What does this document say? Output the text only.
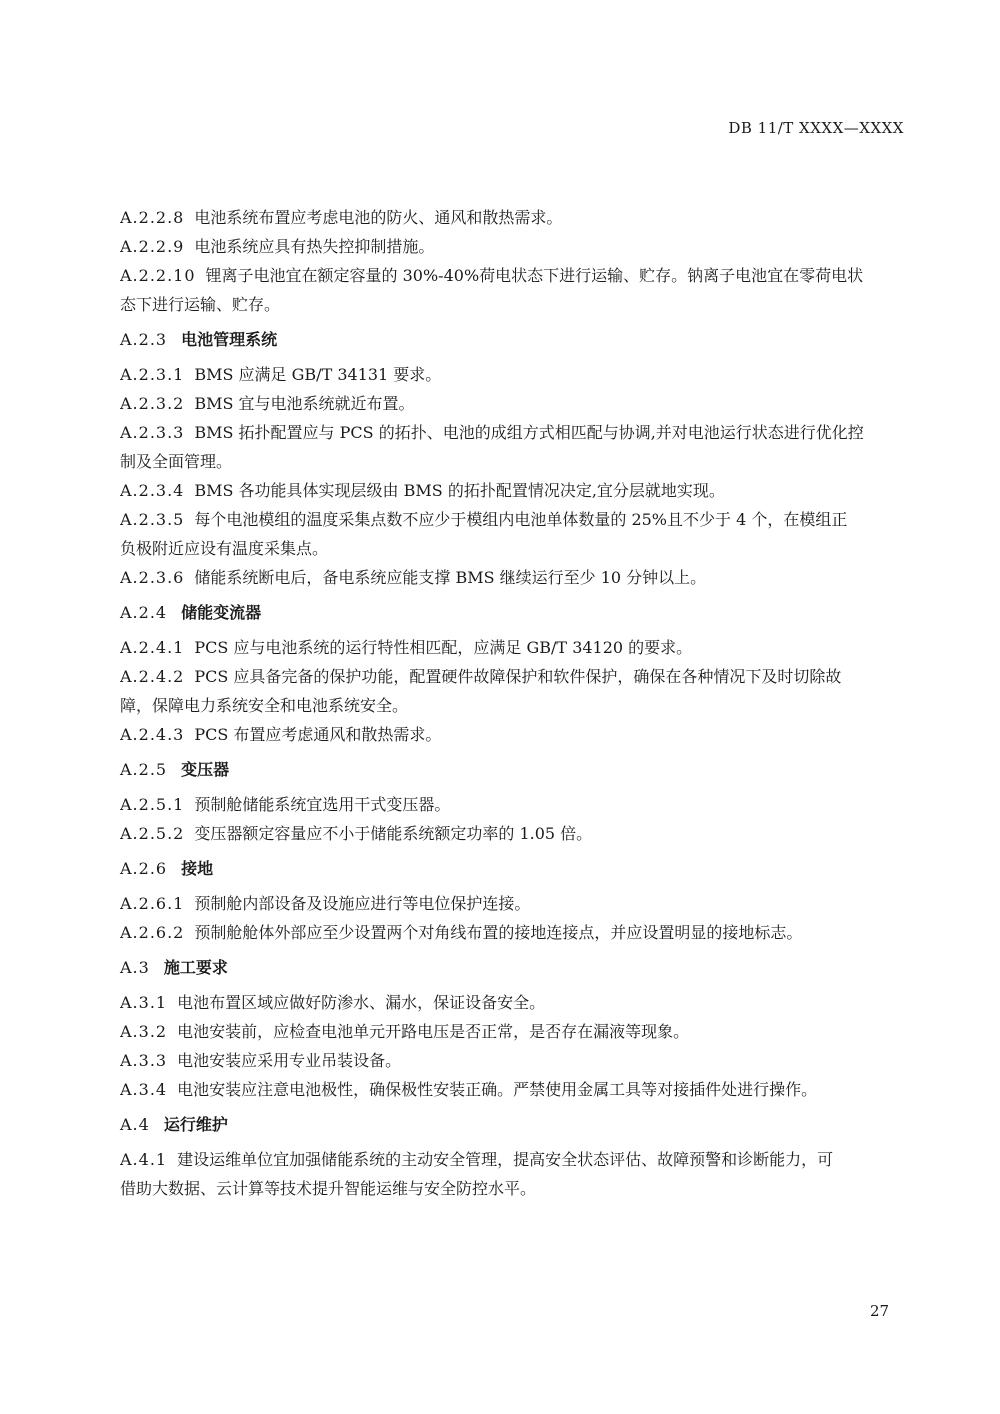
DB 11/T XXXX—XXXX
A.2.2.8 电池系统布置应考虑电池的防火、通风和散热需求。
A.2.2.9 电池系统应具有热失控抑制措施。
A.2.2.10 锂离子电池宜在额定容量的 30%-40%荷电状态下进行运输、贮存。钠离子电池宜在零荷电状
态下进行运输、贮存。
A.2.3 电池管理系统
A.2.3.1 BMS 应满足 GB/T 34131 要求。
A.2.3.2 BMS 宜与电池系统就近布置。
A.2.3.3 BMS 拓扑配置应与 PCS 的拓扑、电池的成组方式相匹配与协调,并对电池运行状态进行优化控
制及全面管理。
A.2.3.4 BMS 各功能具体实现层级由 BMS 的拓扑配置情况决定,宜分层就地实现。
A.2.3.5 每个电池模组的温度采集点数不应少于模组内电池单体数量的 25%且不少于 4 个，在模组正
负极附近应设有温度采集点。
A.2.3.6 储能系统断电后，备电系统应能支撑 BMS 继续运行至少 10 分钟以上。
A.2.4 储能变流器
A.2.4.1 PCS 应与电池系统的运行特性相匹配，应满足 GB/T 34120 的要求。
A.2.4.2 PCS 应具备完备的保护功能，配置硬件故障保护和软件保护，确保在各种情况下及时切除故
障，保障电力系统安全和电池系统安全。
A.2.4.3 PCS 布置应考虑通风和散热需求。
A.2.5 变压器
A.2.5.1 预制舱储能系统宜选用干式变压器。
A.2.5.2 变压器额定容量应不小于储能系统额定功率的 1.05 倍。
A.2.6 接地
A.2.6.1 预制舱内部设备及设施应进行等电位保护连接。
A.2.6.2 预制舱舱体外部应至少设置两个对角线布置的接地连接点，并应设置明显的接地标志。
A.3 施工要求
A.3.1 电池布置区域应做好防渗水、漏水，保证设备安全。
A.3.2 电池安装前，应检查电池单元开路电压是否正常，是否存在漏液等现象。
A.3.3 电池安装应采用专业吊装设备。
A.3.4 电池安装应注意电池极性，确保极性安装正确。严禁使用金属工具等对接插件处进行操作。
A.4 运行维护
A.4.1 建设运维单位宜加强储能系统的主动安全管理，提高安全状态评估、故障预警和诊断能力，可
借助大数据、云计算等技术提升智能运维与安全防控水平。
27
